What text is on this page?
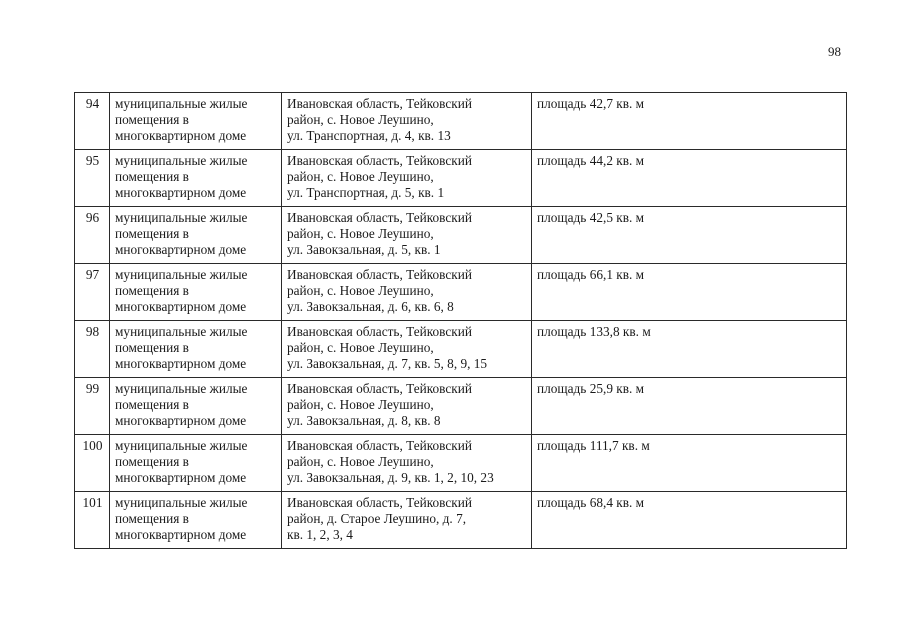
98
94	муниципальные жилые
помещения в
многоквартирном доме	Ивановская область, Тейковский
район, с. Новое Леушино,
ул. Транспортная, д. 4, кв. 13	площадь 42,7 кв. м
95	муниципальные жилые
помещения в
многоквартирном доме	Ивановская область, Тейковский
район, с. Новое Леушино,
ул. Транспортная, д. 5, кв. 1	площадь 44,2 кв. м
96	муниципальные жилые
помещения в
многоквартирном доме	Ивановская область, Тейковский
район, с. Новое Леушино,
ул. Завокзальная, д. 5, кв. 1	площадь 42,5 кв. м
97	муниципальные жилые
помещения в
многоквартирном доме	Ивановская область, Тейковский
район, с. Новое Леушино,
ул. Завокзальная, д. 6, кв. 6, 8	площадь 66,1 кв. м
98	муниципальные жилые
помещения в
многоквартирном доме	Ивановская область, Тейковский
район, с. Новое Леушино,
ул. Завокзальная, д. 7, кв. 5, 8, 9, 15	площадь 133,8 кв. м
99	муниципальные жилые
помещения в
многоквартирном доме	Ивановская область, Тейковский
район, с. Новое Леушино,
ул. Завокзальная, д. 8, кв. 8	площадь 25,9 кв. м
100	муниципальные жилые
помещения в
многоквартирном доме	Ивановская область, Тейковский
район, с. Новое Леушино,
ул. Завокзальная, д. 9, кв. 1, 2, 10, 23	площадь 111,7 кв. м
101	муниципальные жилые
помещения в
многоквартирном доме	Ивановская область, Тейковский
район, д. Старое Леушино, д. 7,
кв. 1, 2, 3, 4	площадь 68,4 кв. м
